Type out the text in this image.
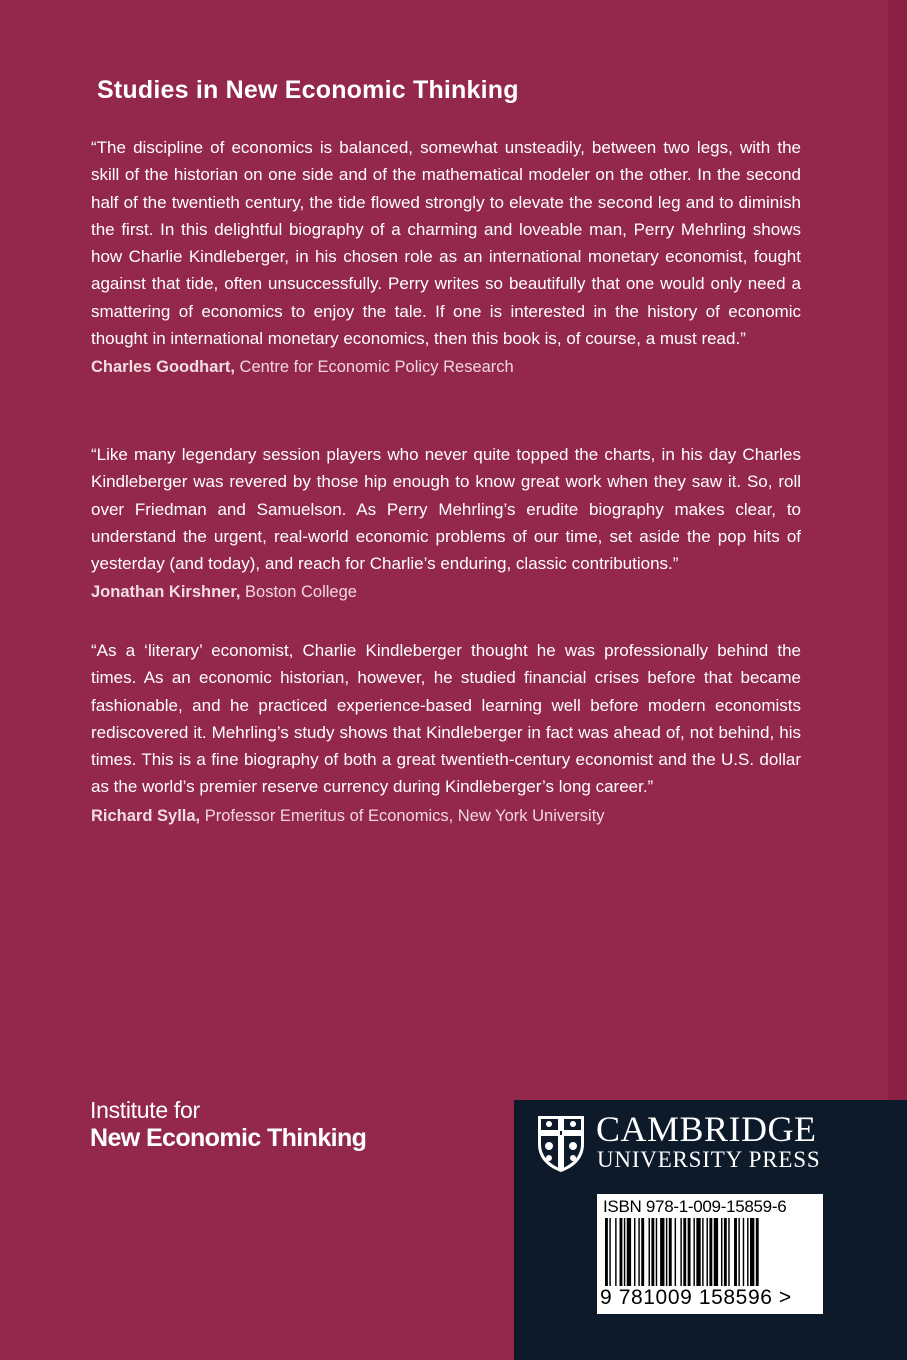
Studies in New Economic Thinking

“The discipline of economics is balanced, somewhat unsteadily, between two legs, with the skill of the historian on one side and of the mathematical modeler on the other. In the second half of the twentieth century, the tide flowed strongly to elevate the second leg and to diminish the first. In this delightful biography of a charming and loveable man, Perry Mehrling shows how Charlie Kindleberger, in his chosen role as an international monetary economist, fought against that tide, often unsuccessfully. Perry writes so beautifully that one would only need a smattering of economics to enjoy the tale. If one is interested in the history of economic thought in international monetary economics, then this book is, of course, a must read.”

Charles Goodhart, Centre for Economic Policy Research

“Like many legendary session players who never quite topped the charts, in his day Charles Kindleberger was revered by those hip enough to know great work when they saw it. So, roll over Friedman and Samuelson. As Perry Mehrling’s erudite biography makes clear, to understand the urgent, real-world economic problems of our time, set aside the pop hits of yesterday (and today), and reach for Charlie’s enduring, classic contributions.”

Jonathan Kirshner, Boston College

“As a ‘literary’ economist, Charlie Kindleberger thought he was professionally behind the times. As an economic historian, however, he studied financial crises before that became fashionable, and he practiced experience-based learning well before modern economists rediscovered it. Mehrling’s study shows that Kindleberger in fact was ahead of, not behind, his times. This is a fine biography of both a great twentieth-century economist and the U.S. dollar as the world’s premier reserve currency during Kindleberger’s long career.”

Richard Sylla, Professor Emeritus of Economics, New York University
Institute for
New Economic Thinking	CAMBRIDGE
UNIVERSITY PRESS
ISBN 978-1-009-15859-6
9 781009 158596 >
